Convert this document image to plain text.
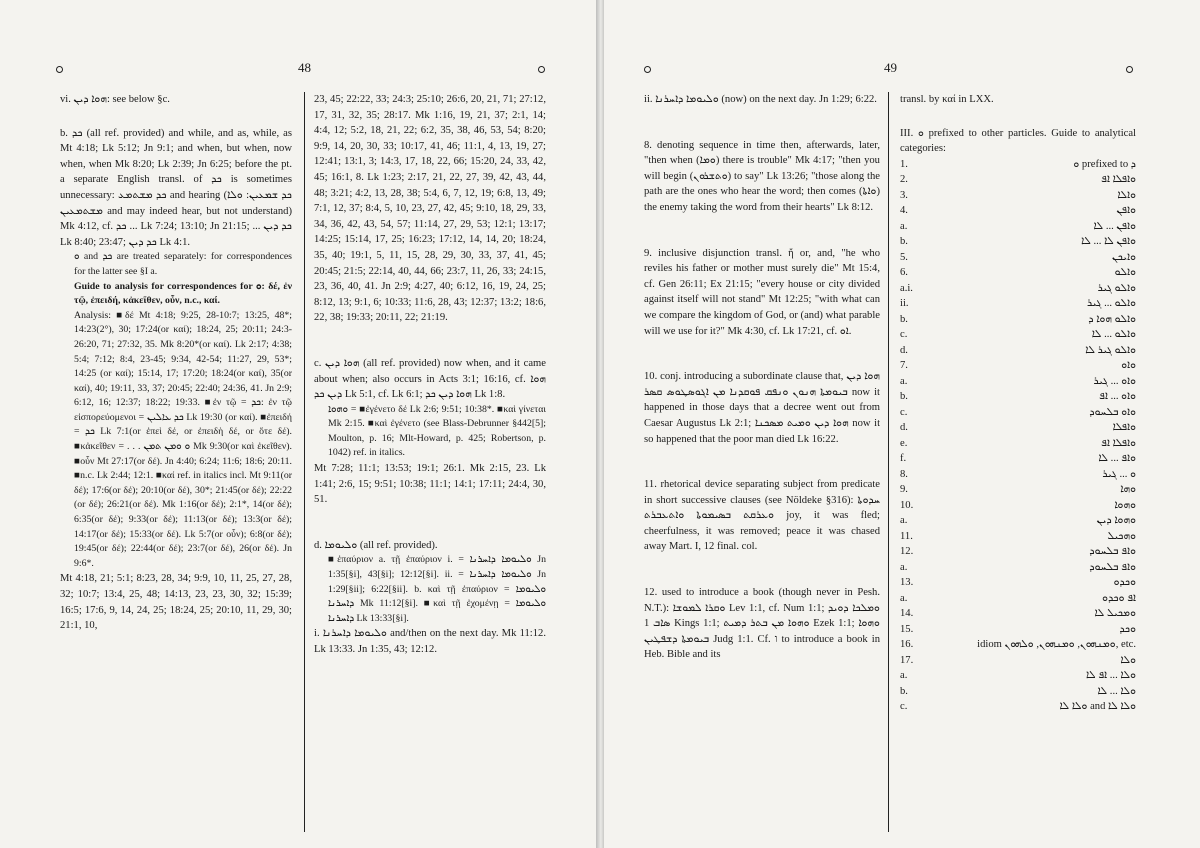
48

vi. ܗܘܐ ܕܝܢ: see below §c.

b. ܟܕ (all ref. provided) and while, and as, while, as Mt 4:18; Lk 5:12; Jn 9:1; and when, but when, now when, when Mk 8:20; Lk 2:39; Jn 6:25; before the pt. a separate English transl. of ܟܕ is sometimes unnecessary: ܟܕ ܡܫܬܡܥ and hearing (ܟܕ ܫܡܥܝܢ: ܘܠܐ ܡܫܬܡܥܝܢ and may indeed hear, but not understand) Mk 4:12, cf. ܟܕ ... Lk 7:24; 13:10; Jn 21:15; ... ܟܕ ܕܝܢ Lk 8:40; 23:47; ܟܕ ܕܝܢ Lk 4:1.

ܘ and ܟܕ are treated separately: for correspondences for the latter see §I a.

Guide to analysis for correspondences for ܘ: δέ, ἐν τῷ, ἐπειδή, κἀκεῖθεν, οὖν, n.c., καί.

Analysis: ■δέ Mt 4:18; 9:25, 28-10:7; 13:25, 48*; 14:23(2°), 30; 17:24(or καί); 18:24, 25; 20:11; 24:3-26:20, 71; 27:32, 35. Mk 8:20*(or καί). Lk 2:17; 4:38; 5:4; 7:12; 8:4, 23-45; 9:34, 42-54; 11:27, 29, 53*; 14:25 (or καί); 15:14, 17; 17:20; 18:24(or καί), 35(or καί), 40; 19:11, 33, 37; 20:45; 22:40; 24:36, 41. Jn 2:9; 6:12, 16; 12:37; 18:22; 19:33. ■ἐν τῷ = ܟܕ: ἐν τῷ εἰσπορεύομενοι = ܟܕ ܥܐܠܝܢ Lk 19:30 (or καί). ■ἐπειδή = ܟܕ Lk 7:1(or ἐπεὶ δέ, or ἐπειδὴ δέ, or ὅτε δέ). ■κἀκεῖθεν = . . . ܘ ܘܡܢ ܬܡܢ Mk 9:30(or καὶ ἐκεῖθεν). ■οὖν Mt 27:17(or δέ). Jn 4:40; 6:24; 11:6; 18:6; 20:11. ■n.c. Lk 2:44; 12:1. ■καί ref. in italics incl. Mt 9:11(or δέ); 17:6(or δέ); 20:10(or δέ), 30*; 21:45(or δέ); 22:22 (or δέ); 26:21(or δέ). Mk 1:16(or δέ); 2:1*, 14(or δέ); 6:35(or δέ); 9:33(or δέ); 11:13(or δέ); 13:3(or δέ); 14:17(or δέ); 15:33(or δέ). Lk 5:7(or οὖν); 6:8(or δέ); 19:45(or δέ); 22:44(or δέ); 23:7(or δέ), 26(or δέ). Jn 9:6*.

Mt 4:18, 21; 5:1; 8:23, 28, 34; 9:9, 10, 11, 25, 27, 28, 32; 10:7; 13:4, 25, 48; 14:13, 23, 23, 30, 32; 15:39; 16:5; 17:6, 9, 14, 24, 25; 18:24, 25; 20:10, 11, 29, 30; 21:1, 10,

23, 45; 22:22, 33; 24:3; 25:10; 26:6, 20, 21, 71; 27:12, 17, 31, 32, 35; 28:17. Mk 1:16, 19, 21, 37; 2:1, 14; 4:4, 12; 5:2, 18, 21, 22; 6:2, 35, 38, 46, 53, 54; 8:20; 9:9, 14, 20, 30, 33; 10:17, 41, 46; 11:1, 4, 13, 19, 27; 12:41; 13:1, 3; 14:3, 17, 18, 22, 66; 15:20, 24, 33, 42, 45; 16:1, 8. Lk 1:23; 2:17, 21, 22, 27, 39, 42, 43, 44, 48; 3:21; 4:2, 13, 28, 38; 5:4, 6, 7, 12, 19; 6:8, 13, 49; 7:1, 12, 37; 8:4, 5, 10, 23, 27, 42, 45; 9:10, 18, 29, 33, 34, 36, 42, 43, 54, 57; 11:14, 27, 29, 53; 12:1; 13:17; 14:25; 15:14, 17, 25; 16:23; 17:12, 14, 14, 20; 18:24, 35, 40; 19:1, 5, 11, 15, 28, 29, 30, 33, 37, 41, 45; 20:45; 21:5; 22:14, 40, 44, 66; 23:7, 11, 26, 33; 24:15, 23, 36, 40, 41. Jn 2:9; 4:27, 40; 6:12, 16, 19, 24, 25; 8:12, 13; 9:1, 6; 10:33; 11:6, 28, 43; 12:37; 13:2; 18:6, 22, 38; 19:33; 20:11, 22; 21:19.

c. ܗܘܐ ܕܝܢ (all ref. provided) now when, and it came about when; also occurs in Acts 3:1; 16:16, cf. ܗܘܐ ܕܝܢ ܟܕ Lk 5:1, cf. Lk 6:1; ܗܘܐ ܕܝܢ ܟܕ Lk 1:8.

ܘܗܘܐ = ■ἐγένετο δέ Lk 2:6; 9:51; 10:38*. ■καὶ γίνεται Mk 2:15. ■καὶ ἐγένετο (see Blass-Debrunner §442[5]; Moulton, p. 16; Mlt-Howard, p. 425; Robertson, p. 1042) ref. in italics.

Mt 7:28; 11:1; 13:53; 19:1; 26:1. Mk 2:15, 23. Lk 1:41; 2:6, 15; 9:51; 10:38; 11:1; 14:1; 17:11; 24:4, 30, 51.

d. ܘܠܝܘܡܐ (all ref. provided).

■ἐπαύριον a. τῇ ἐπαύριον i. = ܘܠܝܘܡܐ ܕܐܚܪܢܐ Jn 1:35[§i], 43[§i]; 12:12[§i]. ii. = ܘܠܝܘܡܐ ܕܐܚܪܢܐ Jn 1:29[§ii]; 6:22[§ii]. b. καὶ τῇ ἐπαύριον = ܘܠܝܘܡܐ ܕܐܚܪܢܐ Mk 11:12[§i]. ■καὶ τῇ ἐχομένῃ = ܘܠܝܘܡܐ ܕܐܚܪܢܐ Lk 13:33[§i].

i. ܘܠܝܘܡܐ ܕܐܚܪܢܐ and/then on the next day. Mk 11:12. Lk 13:33. Jn 1:35, 43; 12:12.

49

ii. ܘܠܝܘܡܐ ܕܐܚܪܢܐ (now) on the next day. Jn 1:29; 6:22.

8. denoting sequence in time then, afterwards, later, "then when (ܘܡܐ) there is trouble" Mk 4:17; "then you will begin (ܘܬܫܪܘܢ) to say" Lk 13:26; "those along the path are the ones who hear the word; then comes (ܘܐܬܐ) the enemy taking the word from their hearts" Lk 8:12.

9. inclusive disjunction transl. ἤ or, and, "he who reviles his father or mother must surely die" Mt 15:4, cf. Gen 26:11; Ex 21:15; "every house or city divided against itself will not stand" Mt 12:25; "with what can we compare the kingdom of God, or (and) what parable will we use for it?" Mk 4:30, cf. Lk 17:21, cf. ܐܘ.

10. conj. introducing a subordinate clause that, ܗܘܐ ܕܝܢ ܒܝܘܡܬܐ ܗܢܘܢ ܘܢܦܩ ܦܘܩܕܢܐ ܡܢ ܐܓܘܣܛܘܣ ܩܣܪ now it happened in those days that a decree went out from Caesar Augustus Lk 2:1; ܗܘܐ ܕܝܢ ܘܡܝܬ ܡܣܟܢܐ now it so happened that the poor man died Lk 16:22.

11. rhetorical device separating subject from predicate in short successive clauses (see Nöldeke §316): ܚܕܘܬܐ ܘܥܪܩܬ ܒܣܝܡܘܬܐ ܘܐܬܥܒܪܬ joy, it was fled; cheerfulness, it was removed; peace it was chased away Mart. I, 12 final. col.

12. used to introduce a book (though never in Pesh. N.T.): ܘܩܪܐ ܠܡܘܫܐ Lev 1:1, cf. Num 1:1; ܘܡܠܟܐ ܕܘܝܕ ܣܐܒ 1 Kings 1:1; ܘܗܘܐ ܡܢ ܒܬܪ ܕܡܝܬ Ezek 1:1; ܘܗܘܐ ܒܝܘܡܬܐ ܕܫܦܛܝܢ Judg 1:1. Cf. ו to introduce a book in Heb. Bible and its

transl. by καί in LXX.

III. ܘ prefixed to other particles. Guide to analytical categories:

1.	ܘ prefixed to ܕ
2.	ܘܐܦܠܐ ܐܦ
3.	ܘܐܠܐ
4.	ܘܐܦܢ
a.	ܘܐܦܢ ... ܠܐ
b.	ܘܐܦܢ ܠܐ ... ܠܐ
5.	ܘܐܝܟܢ
6.	ܘܐܠܘ
a.i.	ܘܐܠܘ ܓܝܪ
ii.	ܘܐܠܘ ... ܓܝܪ
b.	ܘܐܠܘ ܗܘܐ ܕ
c.	ܘܐܠܘ ... ܠܐ
d.	ܘܐܠܘ ܓܝܪ ܠܐ
7.	ܘܐܘ
a.	ܘܐܘ ... ܓܝܪ
b.	ܘܐܘ ... ܐܦ
c.	ܘܐܘ ܒܠܚܘܕ
d.	ܘܐܦܠܐ
e.	ܘܐܦܠܐ ܐܦ
f.	ܘܐܦ ... ܠܐ
8.	ܘ ... ܓܝܪ
9.	ܘܗܐ
10.	ܘܗܘܐ
a.	ܘܗܘܐ ܕܝܢ
11.	ܘܗܟܝܠ
12.	ܘܐܦ ܒܠܚܘܕ
a.	ܘܐܦ ܒܠܚܘܕ
13.	ܘܟܕܘ
a.	ܐܦ ܘܟܕܘ
14.	ܘܡܟܝܠ ܠܐ
15.	ܘܟܕ
16.	idiom ܘܡܢܗܘܢ, ܘܡܢܗܘܢ, ܘܠܗܘܢ, etc.
17.	ܘܠܐ
a.	ܘܠܐ ... ܐܦ ܠܐ
b.	ܘܠܐ ... ܠܐ
c.	ܘܠܐ ܠܐ and ܘܠܐ ܠܐ
